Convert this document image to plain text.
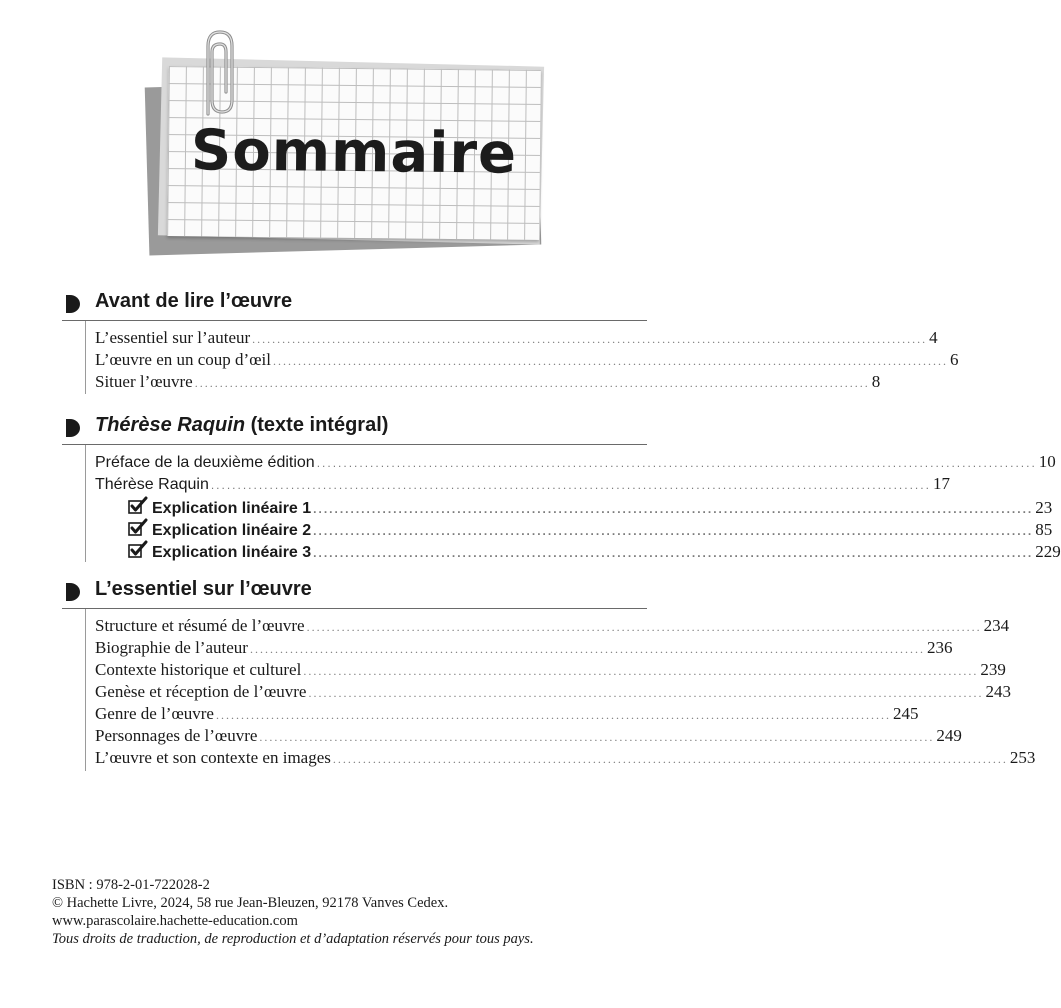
Sommaire
Avant de lire l’œuvre
L’essentiel sur l’auteur ....................................................................................................................................... 4
L’œuvre en un coup d’œil ....................................................................................................................................... 6
Situer l’œuvre ....................................................................................................................................... 8
Thérèse Raquin (texte intégral)
Préface de la deuxième édition ....................................................................................................................................... 10
Thérèse Raquin ....................................................................................................................................... 17
Explication linéaire 1 ....................................................................................................................................... 23
Explication linéaire 2 ....................................................................................................................................... 85
Explication linéaire 3 ....................................................................................................................................... 229
L’essentiel sur l’œuvre
Structure et résumé de l’œuvre ....................................................................................................................................... 234
Biographie de l’auteur ....................................................................................................................................... 236
Contexte historique et culturel ....................................................................................................................................... 239
Genèse et réception de l’œuvre ....................................................................................................................................... 243
Genre de l’œuvre ....................................................................................................................................... 245
Personnages de l’œuvre ....................................................................................................................................... 249
L’œuvre et son contexte en images ....................................................................................................................................... 253
ISBN : 978-2-01-722028-2
© Hachette Livre, 2024, 58 rue Jean-Bleuzen, 92178 Vanves Cedex.
www.parascolaire.hachette-education.com
Tous droits de traduction, de reproduction et d’adaptation réservés pour tous pays.
